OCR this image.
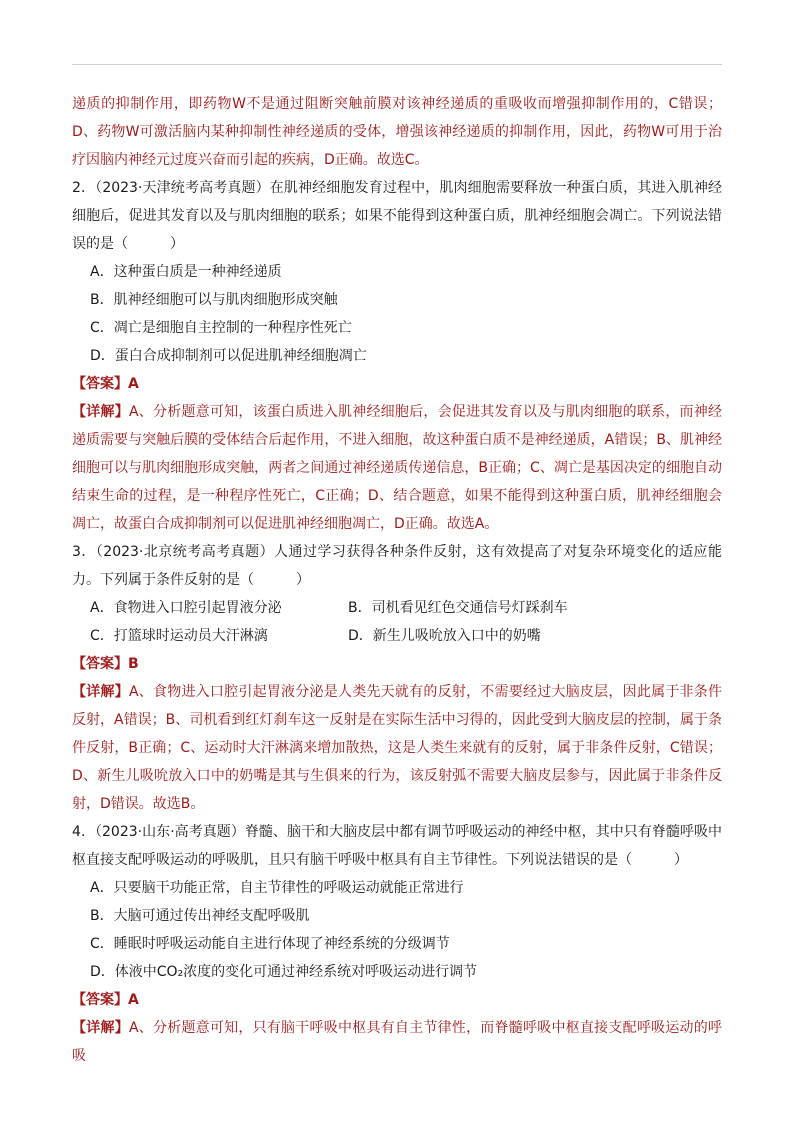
递质的抑制作用，即药物W不是通过阻断突触前膜对该神经递质的重吸收而增强抑制作用的，C错误；D、药物W可激活脑内某种抑制性神经递质的受体，增强该神经递质的抑制作用，因此，药物W可用于治疗因脑内神经元过度兴奋而引起的疾病，D正确。故选C。

2．（2023·天津统考高考真题）在肌神经细胞发育过程中，肌肉细胞需要释放一种蛋白质，其进入肌神经细胞后，促进其发育以及与肌肉细胞的联系；如果不能得到这种蛋白质，肌神经细胞会凋亡。下列说法错误的是（　　　）

A．这种蛋白质是一种神经递质

B．肌神经细胞可以与肌肉细胞形成突触

C．凋亡是细胞自主控制的一种程序性死亡

D．蛋白合成抑制剂可以促进肌神经细胞凋亡

【答案】A

【详解】A、分析题意可知，该蛋白质进入肌神经细胞后，会促进其发育以及与肌肉细胞的联系，而神经递质需要与突触后膜的受体结合后起作用，不进入细胞，故这种蛋白质不是神经递质，A错误；B、肌神经细胞可以与肌肉细胞形成突触，两者之间通过神经递质传递信息，B正确；C、凋亡是基因决定的细胞自动结束生命的过程，是一种程序性死亡，C正确；D、结合题意，如果不能得到这种蛋白质，肌神经细胞会凋亡，故蛋白合成抑制剂可以促进肌神经细胞凋亡，D正确。故选A。

3．（2023·北京统考高考真题）人通过学习获得各种条件反射，这有效提高了对复杂环境变化的适应能力。下列属于条件反射的是（　　　）

A．食物进入口腔引起胃液分泌	B．司机看见红色交通信号灯踩刹车
C．打篮球时运动员大汗淋漓	D．新生儿吸吮放入口中的奶嘴

【答案】B

【详解】A、食物进入口腔引起胃液分泌是人类先天就有的反射，不需要经过大脑皮层，因此属于非条件反射，A错误；B、司机看到红灯刹车这一反射是在实际生活中习得的，因此受到大脑皮层的控制，属于条件反射，B正确；C、运动时大汗淋漓来增加散热，这是人类生来就有的反射，属于非条件反射，C错误；D、新生儿吸吮放入口中的奶嘴是其与生俱来的行为，该反射弧不需要大脑皮层参与，因此属于非条件反射，D错误。故选B。

4．（2023·山东·高考真题）脊髓、脑干和大脑皮层中都有调节呼吸运动的神经中枢，其中只有脊髓呼吸中枢直接支配呼吸运动的呼吸肌，且只有脑干呼吸中枢具有自主节律性。下列说法错误的是（　　　）

A．只要脑干功能正常，自主节律性的呼吸运动就能正常进行

B．大脑可通过传出神经支配呼吸肌

C．睡眠时呼吸运动能自主进行体现了神经系统的分级调节

D．体液中CO₂浓度的变化可通过神经系统对呼吸运动进行调节

【答案】A

【详解】A、分析题意可知，只有脑干呼吸中枢具有自主节律性，而脊髓呼吸中枢直接支配呼吸运动的呼吸
